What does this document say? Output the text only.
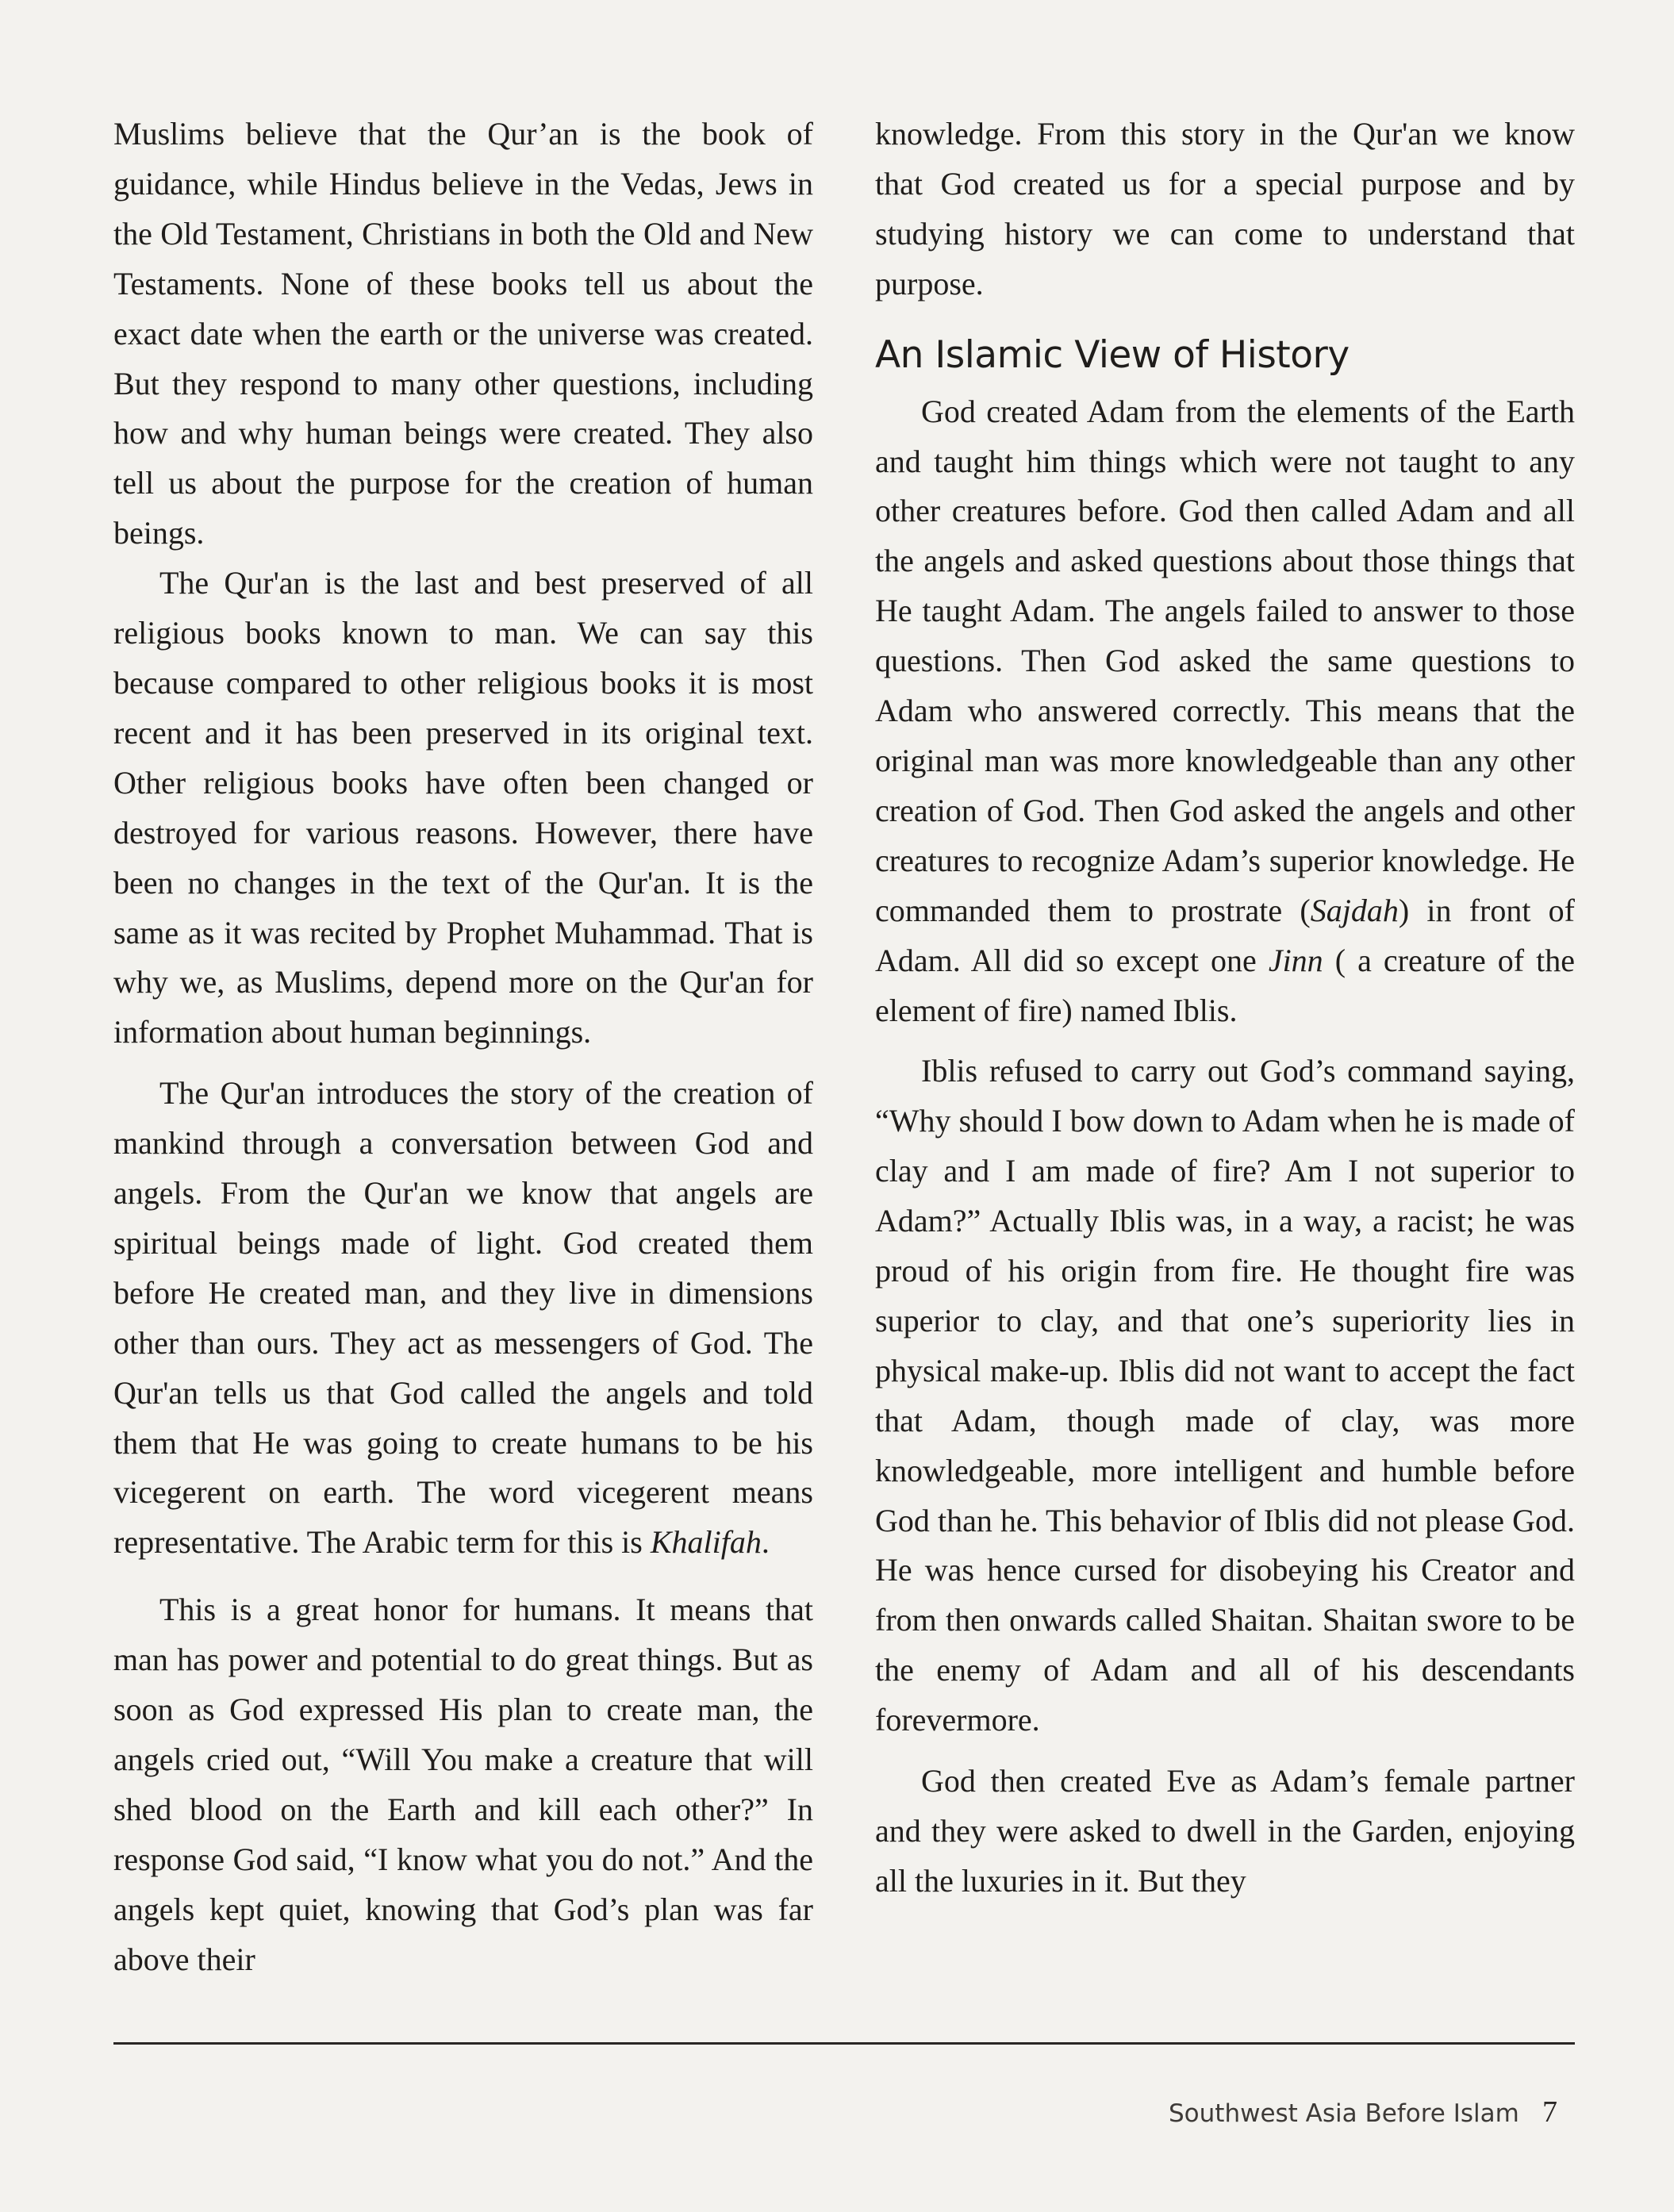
Muslims believe that the Qur’an is the book of guidance, while Hindus believe in the Vedas, Jews in the Old Testament, Christians in both the Old and New Testaments. None of these books tell us about the exact date when the earth or the universe was created. But they respond to many other questions, including how and why human beings were created. They also tell us about the purpose for the creation of human beings.

The Qur'an is the last and best preserved of all religious books known to man. We can say this because compared to other religious books it is most recent and it has been preserved in its original text. Other religious books have often been changed or destroyed for various reasons. However, there have been no changes in the text of the Qur'an. It is the same as it was recited by Prophet Muhammad. That is why we, as Muslims, depend more on the Qur'an for information about human beginnings.

The Qur'an introduces the story of the creation of mankind through a conversation between God and angels. From the Qur'an we know that angels are spiritual beings made of light. God created them before He created man, and they live in dimensions other than ours. They act as messengers of God. The Qur'an tells us that God called the angels and told them that He was going to create humans to be his vicegerent on earth. The word vicegerent means representative. The Arabic term for this is Khalifah.

This is a great honor for humans. It means that man has power and potential to do great things. But as soon as God expressed His plan to create man, the angels cried out, “Will You make a creature that will shed blood on the Earth and kill each other?” In response God said, “I know what you do not.” And the angels kept quiet, knowing that God’s plan was far above their

knowledge. From this story in the Qur'an we know that God created us for a special purpose and by studying history we can come to understand that purpose.

An Islamic View of History

God created Adam from the elements of the Earth and taught him things which were not taught to any other creatures before. God then called Adam and all the angels and asked questions about those things that He taught Adam. The angels failed to answer to those questions. Then God asked the same questions to Adam who answered correctly. This means that the original man was more knowledgeable than any other creation of God. Then God asked the angels and other creatures to recognize Adam’s superior knowledge. He commanded them to prostrate (Sajdah) in front of Adam. All did so except one Jinn ( a creature of the element of fire) named Iblis.

Iblis refused to carry out God’s command saying, “Why should I bow down to Adam when he is made of clay and I am made of fire? Am I not superior to Adam?” Actually Iblis was, in a way, a racist; he was proud of his origin from fire. He thought fire was superior to clay, and that one’s superiority lies in physical make-up. Iblis did not want to accept the fact that Adam, though made of clay, was more knowledgeable, more intelligent and humble before God than he. This behavior of Iblis did not please God. He was hence cursed for disobeying his Creator and from then onwards called Shaitan. Shaitan swore to be the enemy of Adam and all of his descendants forevermore.

God then created Eve as Adam’s female partner and they were asked to dwell in the Garden, enjoying all the luxuries in it. But they

Southwest Asia Before Islam 7
